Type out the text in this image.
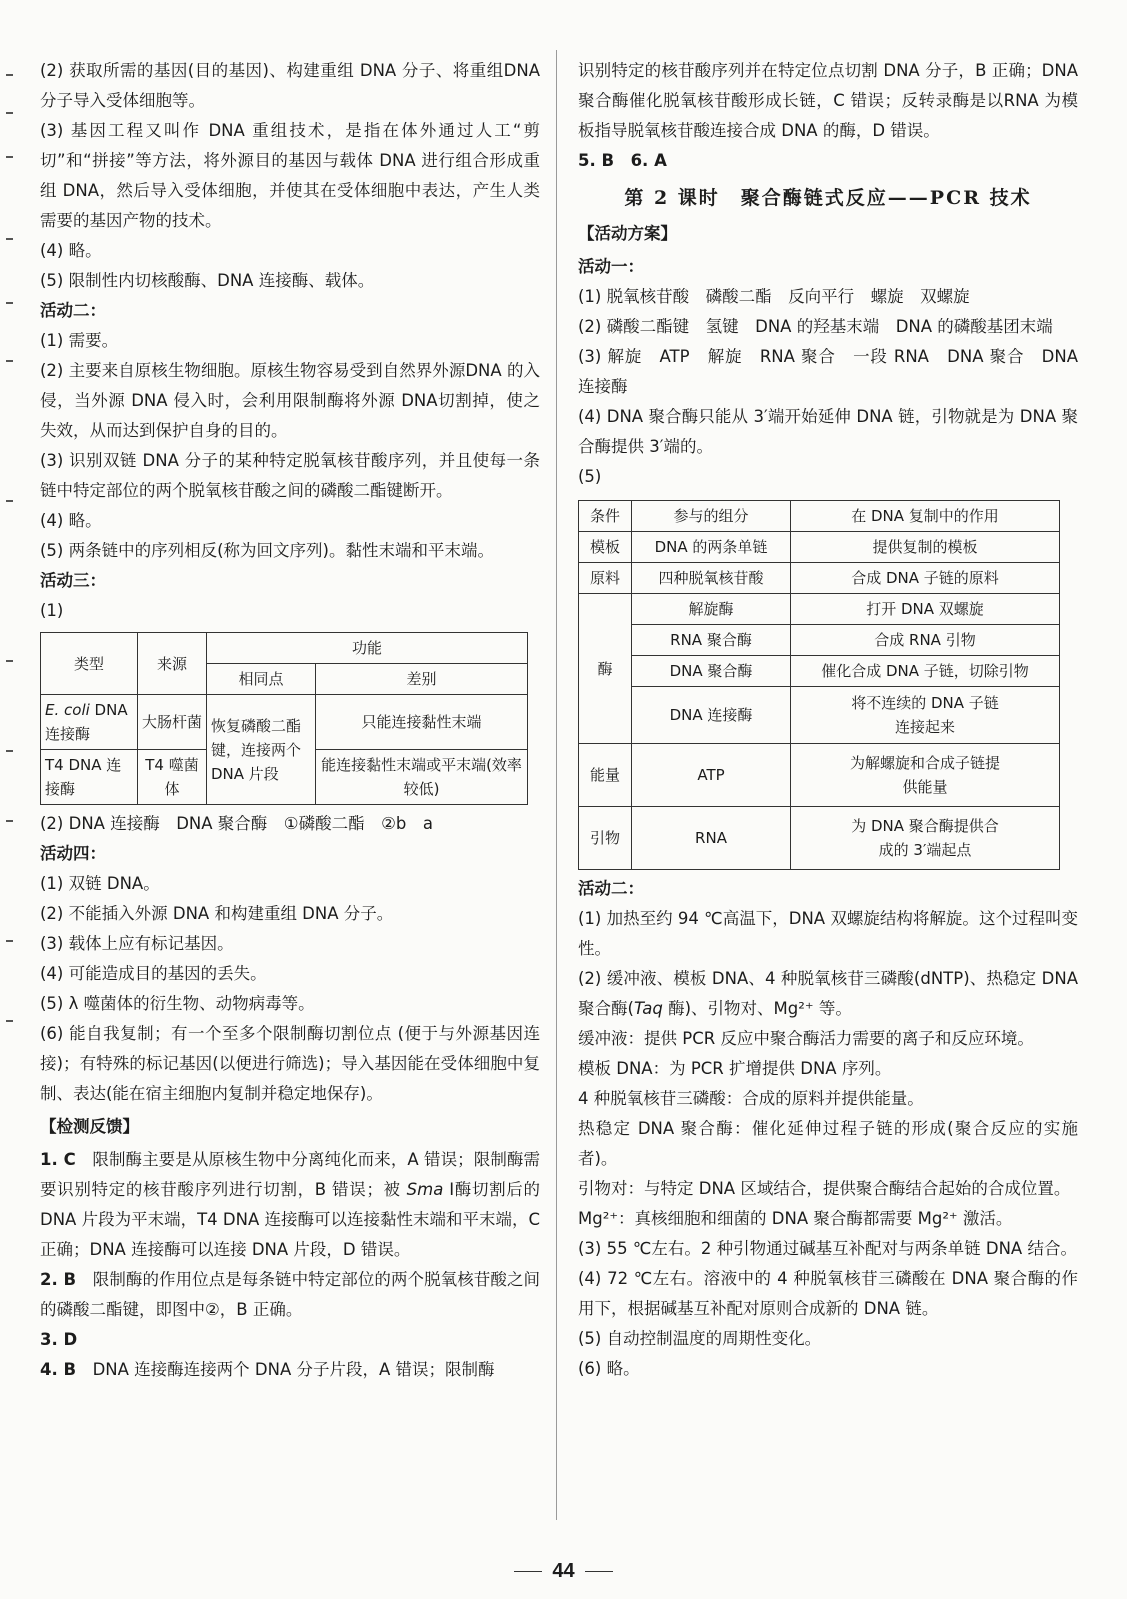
(2) 获取所需的基因(目的基因)、构建重组 DNA 分子、将重组DNA 分子导入受体细胞等。

(3) 基因工程又叫作 DNA 重组技术，是指在体外通过人工“剪切”和“拼接”等方法，将外源目的基因与载体 DNA 进行组合形成重组 DNA，然后导入受体细胞，并使其在受体细胞中表达，产生人类需要的基因产物的技术。

(4) 略。

(5) 限制性内切核酸酶、DNA 连接酶、载体。

活动二：

(1) 需要。

(2) 主要来自原核生物细胞。原核生物容易受到自然界外源DNA 的入侵，当外源 DNA 侵入时，会利用限制酶将外源 DNA切割掉，使之失效，从而达到保护自身的目的。

(3) 识别双链 DNA 分子的某种特定脱氧核苷酸序列，并且使每一条链中特定部位的两个脱氧核苷酸之间的磷酸二酯键断开。

(4) 略。

(5) 两条链中的序列相反(称为回文序列)。黏性末端和平末端。

活动三：

(1)

类型	来源	功能	
		相同点	差别
E. coli DNA 连接酶	大肠杆菌	恢复磷酸二酯键，连接两个 DNA 片段	只能连接黏性末端
T4 DNA 连接酶	T4 噬菌体		能连接黏性末端或平末端(效率较低)

(2) DNA 连接酶　DNA 聚合酶　①磷酸二酯　②b　a

活动四：

(1) 双链 DNA。

(2) 不能插入外源 DNA 和构建重组 DNA 分子。

(3) 载体上应有标记基因。

(4) 可能造成目的基因的丢失。

(5) λ 噬菌体的衍生物、动物病毒等。

(6) 能自我复制；有一个至多个限制酶切割位点 (便于与外源基因连接)；有特殊的标记基因(以便进行筛选)；导入基因能在受体细胞中复制、表达(能在宿主细胞内复制并稳定地保存)。

【检测反馈】

1. C　 限制酶主要是从原核生物中分离纯化而来，A 错误；限制酶需要识别特定的核苷酸序列进行切割，B 错误；被 Sma Ⅰ酶切割后的 DNA 片段为平末端，T4 DNA 连接酶可以连接黏性末端和平末端，C 正确；DNA 连接酶可以连接 DNA 片段，D 错误。

2. B　 限制酶的作用位点是每条链中特定部位的两个脱氧核苷酸之间的磷酸二酯键，即图中②，B 正确。

3. D

4. B　 DNA 连接酶连接两个 DNA 分子片段，A 错误；限制酶

识别特定的核苷酸序列并在特定位点切割 DNA 分子，B 正确；DNA 聚合酶催化脱氧核苷酸形成长链，C 错误；反转录酶是以RNA 为模板指导脱氧核苷酸连接合成 DNA 的酶，D 错误。

5. B　6. A

第 2 课时　聚合酶链式反应——PCR 技术
【活动方案】
活动一：

(1) 脱氧核苷酸　磷酸二酯　反向平行　螺旋　双螺旋

(2) 磷酸二酯键　氢键　DNA 的羟基末端　DNA 的磷酸基团末端

(3) 解旋　ATP　解旋　RNA 聚合　一段 RNA　DNA 聚合　DNA 连接酶

(4) DNA 聚合酶只能从 3′端开始延伸 DNA 链，引物就是为 DNA 聚合酶提供 3′端的。

(5)

条件	参与的组分	在 DNA 复制中的作用
模板	DNA 的两条单链	提供复制的模板
原料	四种脱氧核苷酸	合成 DNA 子链的原料
酶	解旋酶	打开 DNA 双螺旋
	RNA 聚合酶	合成 RNA 引物
	DNA 聚合酶	催化合成 DNA 子链，切除引物
	DNA 连接酶	将不连续的 DNA 子链连接起来
能量	ATP	为解螺旋和合成子链提供能量
引物	RNA	为 DNA 聚合酶提供合成的 3′端起点
活动二：

(1) 加热至约 94 ℃高温下，DNA 双螺旋结构将解旋。这个过程叫变性。

(2) 缓冲液、模板 DNA、4 种脱氧核苷三磷酸(dNTP)、热稳定 DNA 聚合酶(Taq 酶)、引物对、Mg²⁺ 等。

缓冲液：提供 PCR 反应中聚合酶活力需要的离子和反应环境。

模板 DNA：为 PCR 扩增提供 DNA 序列。

4 种脱氧核苷三磷酸：合成的原料并提供能量。

热稳定 DNA 聚合酶：催化延伸过程子链的形成(聚合反应的实施者)。

引物对：与特定 DNA 区域结合，提供聚合酶结合起始的合成位置。

Mg²⁺：真核细胞和细菌的 DNA 聚合酶都需要 Mg²⁺ 激活。

(3) 55 ℃左右。2 种引物通过碱基互补配对与两条单链 DNA 结合。

(4) 72 ℃左右。溶液中的 4 种脱氧核苷三磷酸在 DNA 聚合酶的作用下，根据碱基互补配对原则合成新的 DNA 链。

(5) 自动控制温度的周期性变化。

(6) 略。

44
